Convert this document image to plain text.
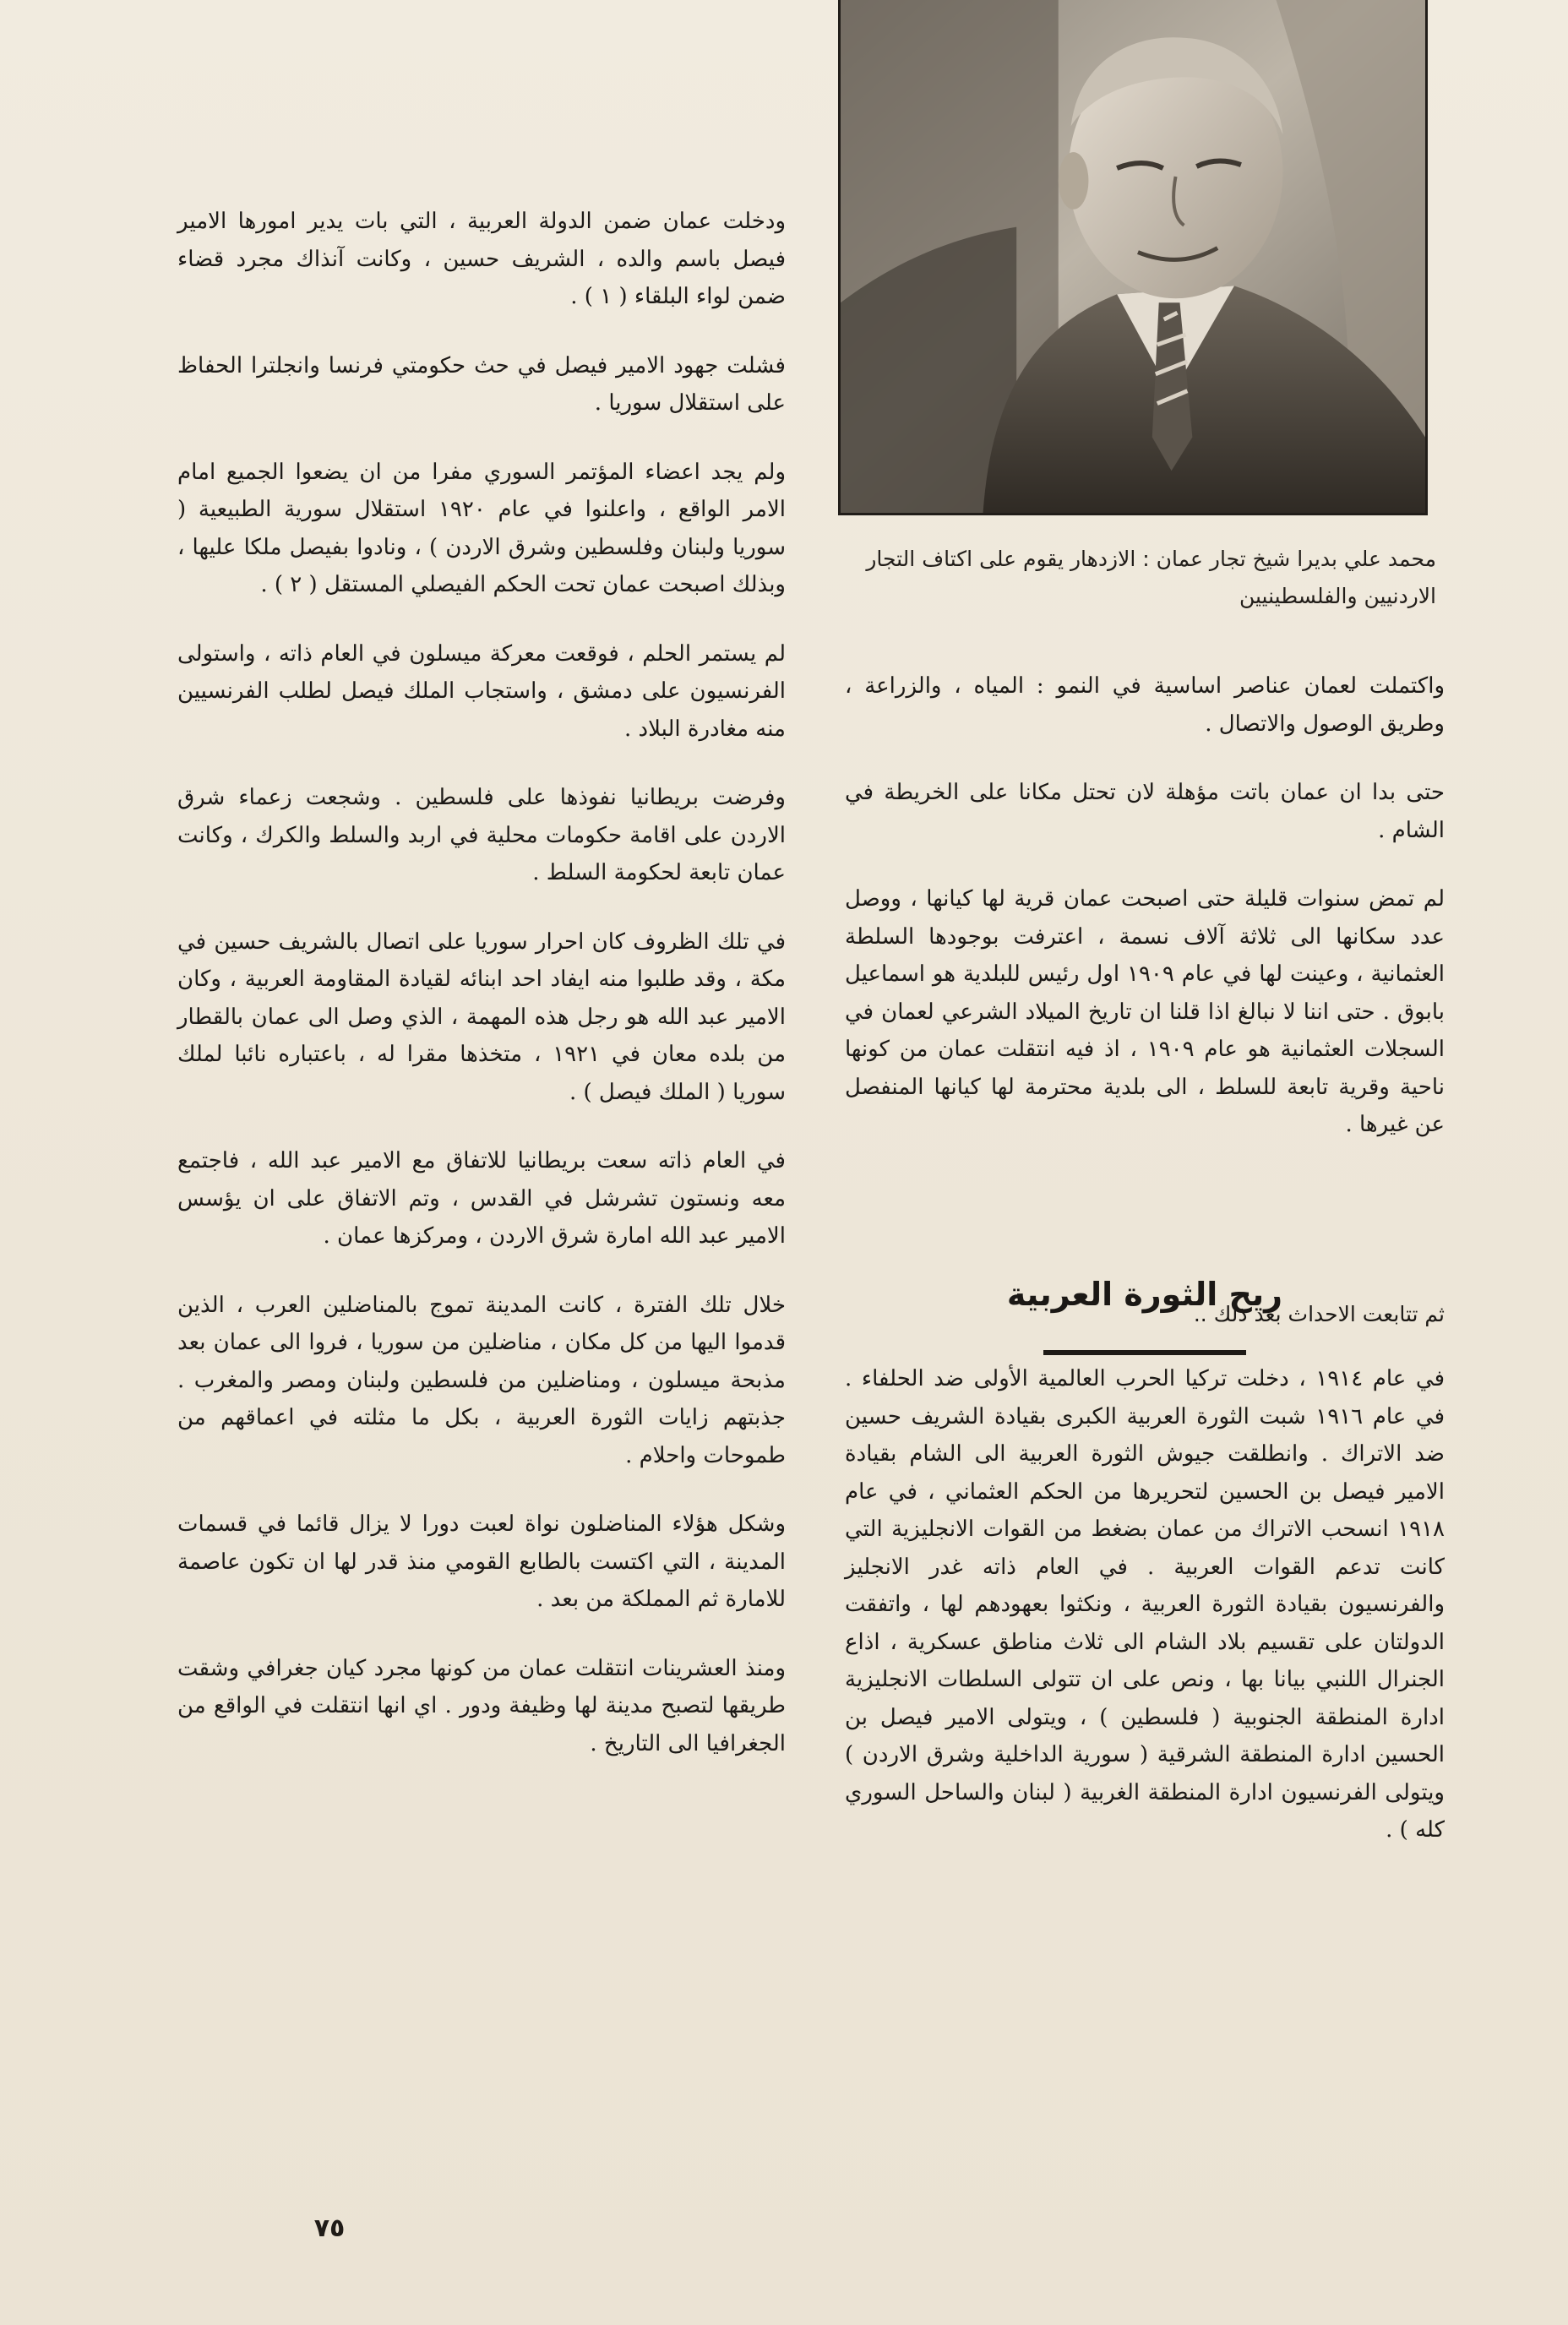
محمد علي بديرا شيخ تجار عمان : الازدهار يقوم على اكتاف التجار الاردنيين والفلسطينيين

واكتملت لعمان عناصر اساسية في النمو : المياه ، والزراعة ، وطريق الوصول والاتصال .

حتى بدا ان عمان باتت مؤهلة لان تحتل مكانا على الخريطة في الشام .

لم تمض سنوات قليلة حتى اصبحت عمان قرية لها كيانها ، ووصل عدد سكانها الى ثلاثة آلاف نسمة ، اعترفت بوجودها السلطة العثمانية ، وعينت لها في عام ١٩٠٩ اول رئيس للبلدية هو اسماعيل بابوق . حتى اننا لا نبالغ اذا قلنا ان تاريخ الميلاد الشرعي لعمان في السجلات العثمانية هو عام ١٩٠٩ ، اذ فيه انتقلت عمان من كونها ناحية وقرية تابعة للسلط ، الى بلدية محترمة لها كيانها المنفصل عن غيرها .

ثم تتابعت الاحداث بعد ذلك ..

في عام ١٩١٤ ، دخلت تركيا الحرب العالمية الأولى ضد الحلفاء . في عام ١٩١٦ شبت الثورة العربية الكبرى بقيادة الشريف حسين ضد الاتراك . وانطلقت جيوش الثورة العربية الى الشام بقيادة الامير فيصل بن الحسين لتحريرها من الحكم العثماني ، في عام ١٩١٨ انسحب الاتراك من عمان بضغط من القوات الانجليزية التي كانت تدعم القوات العربية . في العام ذاته غدر الانجليز والفرنسيون بقيادة الثورة العربية ، ونكثوا بعهودهم لها ، واتفقت الدولتان على تقسيم بلاد الشام الى ثلاث مناطق عسكرية ، اذاع الجنرال اللنبي بيانا بها ، ونص على ان تتولى السلطات الانجليزية ادارة المنطقة الجنوبية ( فلسطين ) ، ويتولى الامير فيصل بن الحسين ادارة المنطقة الشرقية ( سورية الداخلية وشرق الاردن ) ويتولى الفرنسيون ادارة المنطقة الغربية ( لبنان والساحل السوري كله ) .

ريح الثورة العربية

ودخلت عمان ضمن الدولة العربية ، التي بات يدير امورها الامير فيصل باسم والده ، الشريف حسين ، وكانت آنذاك مجرد قضاء ضمن لواء البلقاء ( ١ ) .

فشلت جهود الامير فيصل في حث حكومتي فرنسا وانجلترا الحفاظ على استقلال سوريا .

ولم يجد اعضاء المؤتمر السوري مفرا من ان يضعوا الجميع امام الامر الواقع ، واعلنوا في عام ١٩٢٠ استقلال سورية الطبيعية ( سوريا ولبنان وفلسطين وشرق الاردن ) ، ونادوا بفيصل ملكا عليها ، وبذلك اصبحت عمان تحت الحكم الفيصلي المستقل ( ٢ ) .

لم يستمر الحلم ، فوقعت معركة ميسلون في العام ذاته ، واستولى الفرنسيون على دمشق ، واستجاب الملك فيصل لطلب الفرنسيين منه مغادرة البلاد .

وفرضت بريطانيا نفوذها على فلسطين . وشجعت زعماء شرق الاردن على اقامة حكومات محلية في اربد والسلط والكرك ، وكانت عمان تابعة لحكومة السلط .

في تلك الظروف كان احرار سوريا على اتصال بالشريف حسين في مكة ، وقد طلبوا منه ايفاد احد ابنائه لقيادة المقاومة العربية ، وكان الامير عبد الله هو رجل هذه المهمة ، الذي وصل الى عمان بالقطار من بلده معان في ١٩٢١ ، متخذها مقرا له ، باعتباره نائبا لملك سوريا ( الملك فيصل ) .

في العام ذاته سعت بريطانيا للاتفاق مع الامير عبد الله ، فاجتمع معه ونستون تشرشل في القدس ، وتم الاتفاق على ان يؤسس الامير عبد الله امارة شرق الاردن ، ومركزها عمان .

خلال تلك الفترة ، كانت المدينة تموج بالمناضلين العرب ، الذين قدموا اليها من كل مكان ، مناضلين من سوريا ، فروا الى عمان بعد مذبحة ميسلون ، ومناضلين من فلسطين ولبنان ومصر والمغرب . جذبتهم زايات الثورة العربية ، بكل ما مثلته في اعماقهم من طموحات واحلام .

وشكل هؤلاء المناضلون نواة لعبت دورا لا يزال قائما في قسمات المدينة ، التي اكتست بالطابع القومي منذ قدر لها ان تكون عاصمة للامارة ثم المملكة من بعد .

ومنذ العشرينات انتقلت عمان من كونها مجرد كيان جغرافي وشقت طريقها لتصبح مدينة لها وظيفة ودور . اي انها انتقلت في الواقع من الجغرافيا الى التاريخ .

٧٥
